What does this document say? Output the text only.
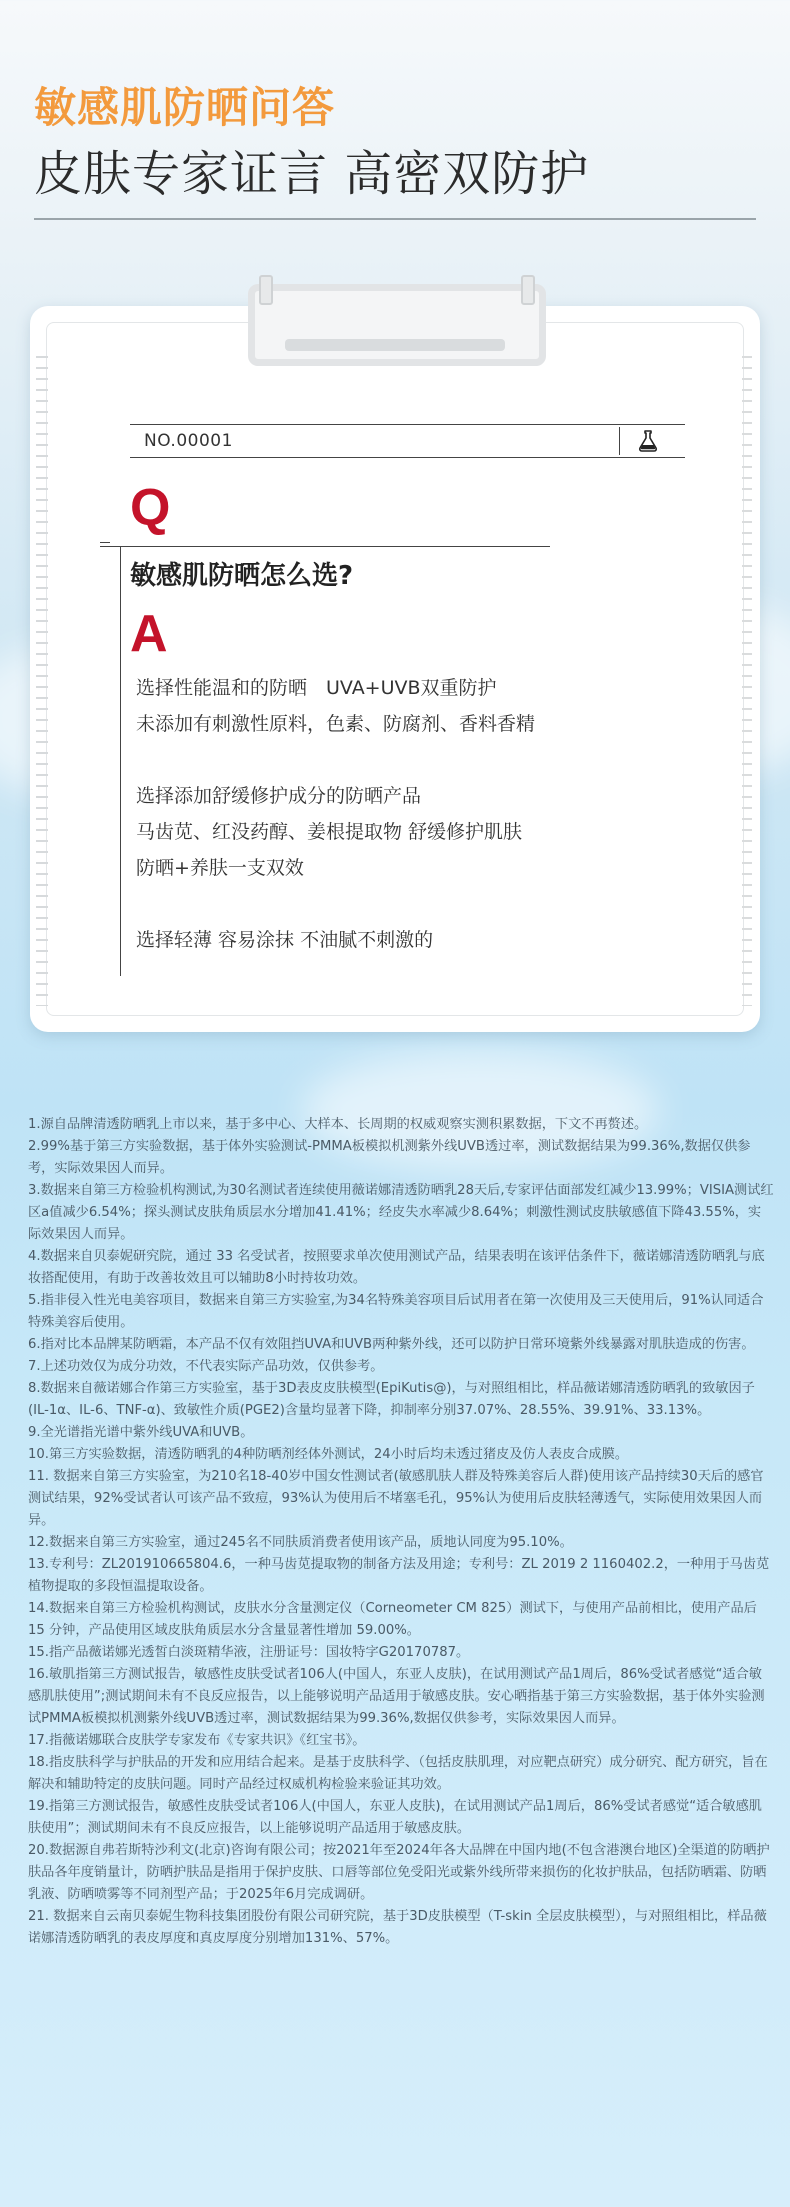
敏感肌防晒问答
皮肤专家证言 高密双防护
NO.00001
Q
敏感肌防晒怎么选?
A
选择性能温和的防晒　UVA+UVB双重防护
未添加有刺激性原料，色素、防腐剂、香料香精
选择添加舒缓修护成分的防晒产品
马齿苋、红没药醇、姜根提取物 舒缓修护肌肤
防晒+养肤一支双效
选择轻薄 容易涂抹 不油腻不刺激的

1.源自品牌清透防晒乳上市以来，基于多中心、大样本、长周期的权威观察实测积累数据，下文不再赘述。

2.99%基于第三方实验数据，基于体外实验测试-PMMA板模拟机测紫外线UVB透过率，测试数据结果为99.36%,数据仅供参考，实际效果因人而异。

3.数据来自第三方检验机构测试,为30名测试者连续使用薇诺娜清透防晒乳28天后,专家评估面部发红减少13.99%；VISIA测试红区a值减少6.54%；探头测试皮肤角质层水分增加41.41%；经皮失水率减少8.64%；刺激性测试皮肤敏感值下降43.55%，实际效果因人而异。

4.数据来自贝泰妮研究院，通过 33 名受试者，按照要求单次使用测试产品，结果表明在该评估条件下，薇诺娜清透防晒乳与底妆搭配使用，有助于改善妆效且可以辅助8小时持妆功效。

5.指非侵入性光电美容项目，数据来自第三方实验室,为34名特殊美容项目后试用者在第一次使用及三天使用后，91%认同适合特殊美容后使用。

6.指对比本品牌某防晒霜，本产品不仅有效阻挡UVA和UVB两种紫外线，还可以防护日常环境紫外线暴露对肌肤造成的伤害。

7.上述功效仅为成分功效，不代表实际产品功效，仅供参考。

8.数据来自薇诺娜合作第三方实验室，基于3D表皮皮肤模型(EpiKutis@)，与对照组相比，样品薇诺娜清透防晒乳的致敏因子(IL-1α、IL-6、TNF-α)、致敏性介质(PGE2)含量均显著下降，抑制率分别37.07%、28.55%、39.91%、33.13%。

9.全光谱指光谱中紫外线UVA和UVB。

10.第三方实验数据，清透防晒乳的4种防晒剂经体外测试，24小时后均未透过猪皮及仿人表皮合成膜。

11. 数据来自第三方实验室，为210名18-40岁中国女性测试者(敏感肌肤人群及特殊美容后人群)使用该产品持续30天后的感官测试结果，92%受试者认可该产品不致痘，93%认为使用后不堵塞毛孔，95%认为使用后皮肤轻薄透气，实际使用效果因人而异。

12.数据来自第三方实验室，通过245名不同肤质消费者使用该产品，质地认同度为95.10%。

13.专利号：ZL201910665804.6，一种马齿苋提取物的制备方法及用途；专利号：ZL 2019 2 1160402.2，一种用于马齿苋植物提取的多段恒温提取设备。

14.数据来自第三方检验机构测试，皮肤水分含量测定仪（Corneometer CM 825）测试下，与使用产品前相比，使用产品后 15 分钟，产品使用区域皮肤角质层水分含量显著性增加 59.00%。

15.指产品薇诺娜光透皙白淡斑精华液，注册证号：国妆特字G20170787。

16.敏肌指第三方测试报告，敏感性皮肤受试者106人(中国人，东亚人皮肤)，在试用测试产品1周后，86%受试者感觉“适合敏感肌肤使用”;测试期间未有不良反应报告，以上能够说明产品适用于敏感皮肤。安心晒指基于第三方实验数据，基于体外实验测试PMMA板模拟机测紫外线UVB透过率，测试数据结果为99.36%,数据仅供参考，实际效果因人而异。

17.指薇诺娜联合皮肤学专家发布《专家共识》《红宝书》。

18.指皮肤科学与护肤品的开发和应用结合起来。是基于皮肤科学、（包括皮肤肌理，对应靶点研究）成分研究、配方研究，旨在解决和辅助特定的皮肤问题。同时产品经过权威机构检验来验证其功效。

19.指第三方测试报告，敏感性皮肤受试者106人(中国人，东亚人皮肤)，在试用测试产品1周后，86%受试者感觉“适合敏感肌肤使用”；测试期间未有不良反应报告，以上能够说明产品适用于敏感皮肤。

20.数据源自弗若斯特沙利文(北京)咨询有限公司；按2021年至2024年各大品牌在中国内地(不包含港澳台地区)全渠道的防晒护肤品各年度销量计，防晒护肤品是指用于保护皮肤、口唇等部位免受阳光或紫外线所带来损伤的化妆护肤品，包括防晒霜、防晒乳液、防晒喷雾等不同剂型产品；于2025年6月完成调研。

21. 数据来自云南贝泰妮生物科技集团股份有限公司研究院，基于3D皮肤模型（T-skin 全层皮肤模型），与对照组相比，样品薇诺娜清透防晒乳的表皮厚度和真皮厚度分别增加131%、57%。
